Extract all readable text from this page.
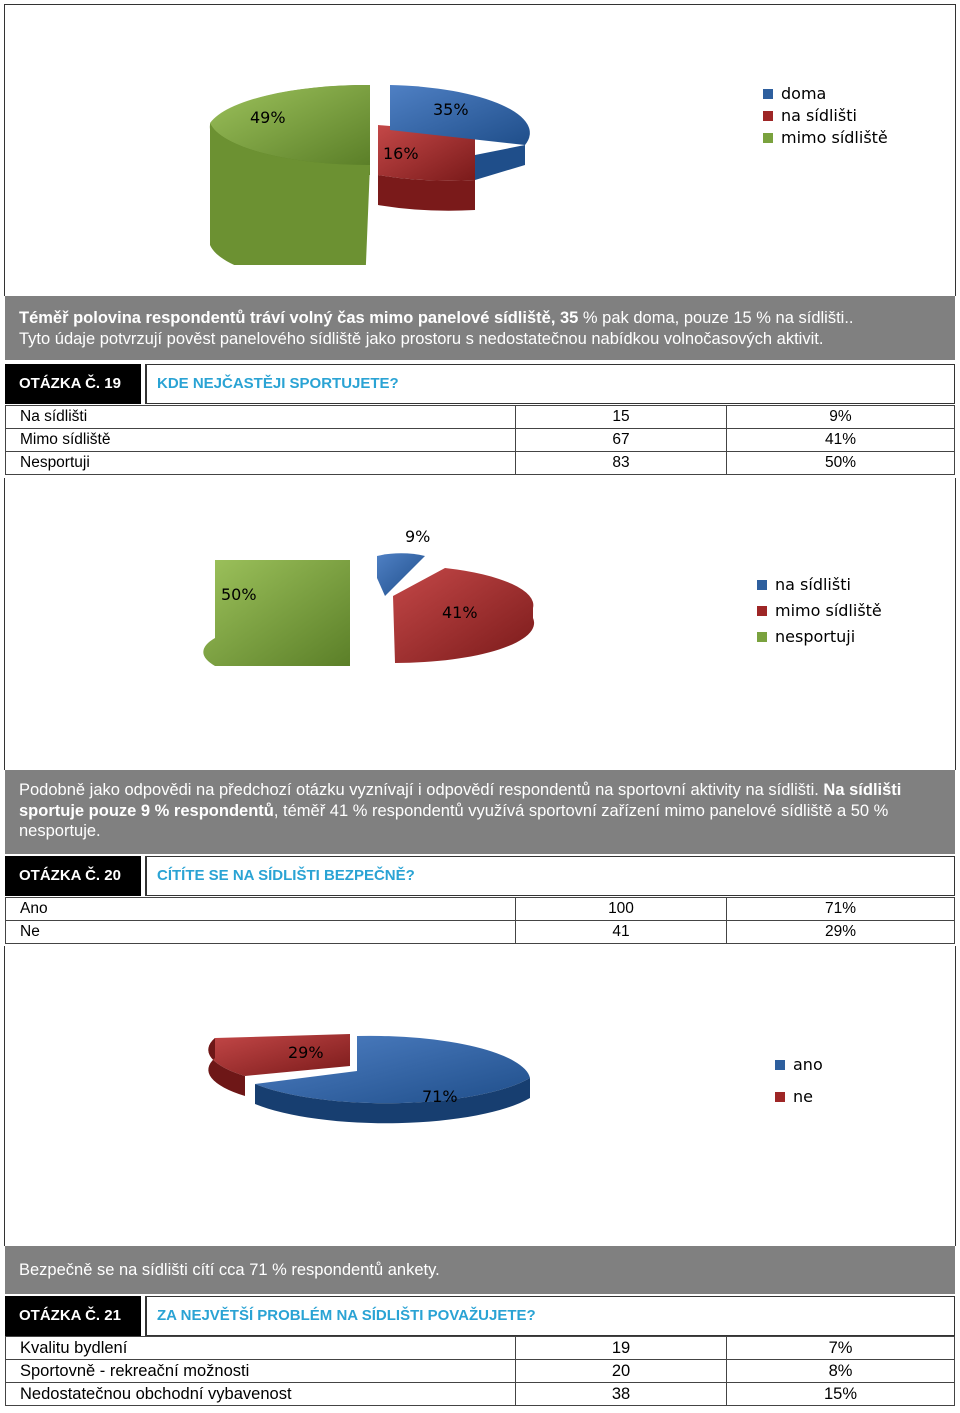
49%
16%
35%
doma
na sídlišti
mimo sídliště
Téměř polovina respondentů tráví volný čas mimo panelové sídliště, 35 % pak doma, pouze 15 % na sídlišti..
Tyto údaje potvrzují pověst panelového sídliště jako prostoru s nedostatečnou nabídkou volnočasových aktivit.
OTÁZKA Č. 19	KDE NEJČASTĚJI SPORTUJETE?
Na sídlišti	15	9%
Mimo sídliště	67	41%
Nesportuji	83	50%
9%
50%
41%
na sídlišti
mimo sídliště
nesportuji
Podobně jako odpovědi na předchozí otázku vyznívají i odpovědí respondentů na sportovní aktivity na sídlišti. Na sídlišti sportuje pouze 9 % respondentů, téměř 41 % respondentů využívá sportovní zařízení mimo panelové sídliště a 50 % nesportuje.
OTÁZKA Č. 20	CÍTÍTE SE NA SÍDLIŠTI BEZPEČNĚ?
Ano	100	71%
Ne	41	29%
29%
71%
ano
ne
Bezpečně se na sídlišti cítí cca 71 % respondentů ankety.
OTÁZKA Č. 21	ZA NEJVĚTŠÍ PROBLÉM NA SÍDLIŠTI POVAŽUJETE?
Kvalitu bydlení	19	7%
Sportovně - rekreační možnosti	20	8%
Nedostatečnou obchodní vybavenost	38	15%
